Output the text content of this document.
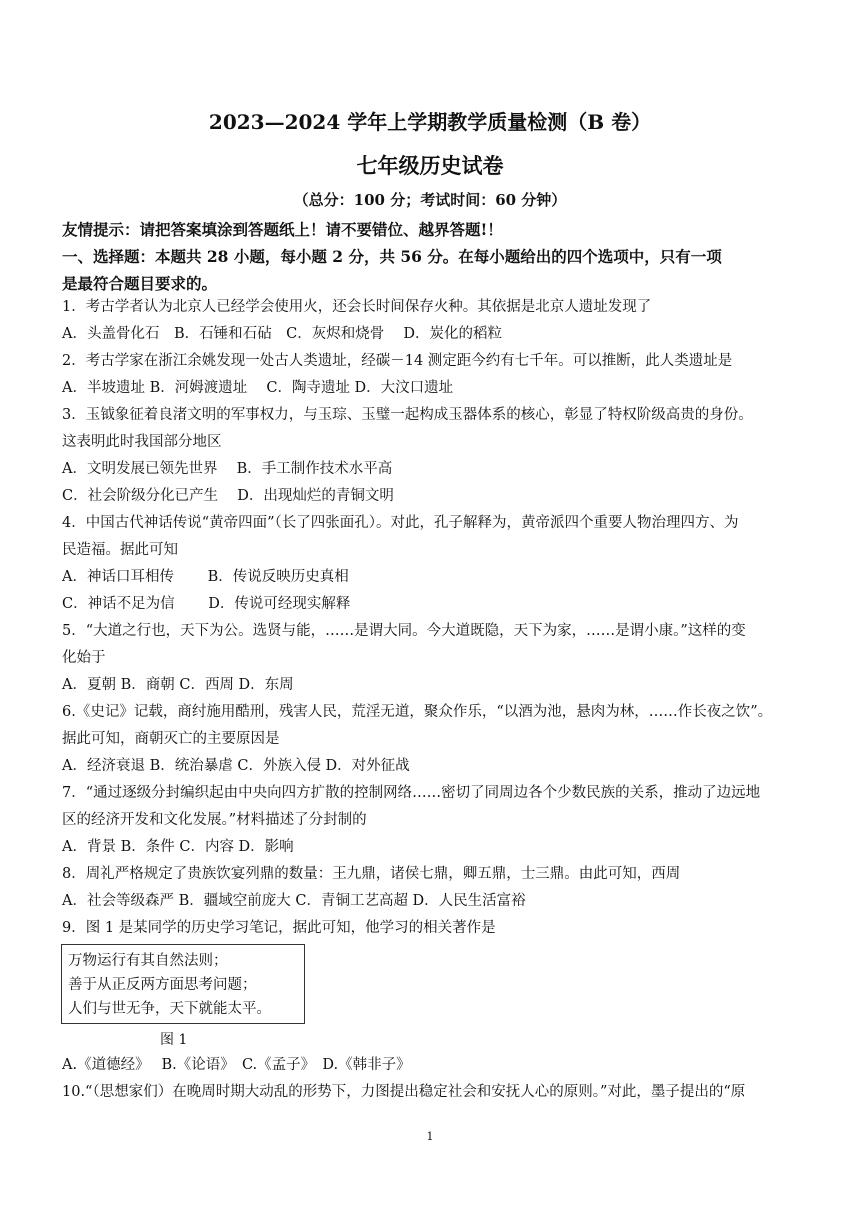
2023—2024 学年上学期教学质量检测（B 卷）
七年级历史试卷
（总分：100 分；考试时间：60 分钟）
友情提示：请把答案填涂到答题纸上！请不要错位、越界答题!！
一、选择题：本题共 28 小题，每小题 2 分，共 56 分。在每小题给出的四个选项中，只有一项
是最符合题目要求的。
1．考古学者认为北京人已经学会使用火，还会长时间保存火种。其依据是北京人遗址发现了
A．头盖骨化石　B．石锤和石砧　C．灰烬和烧骨　 D．炭化的稻粒
2．考古学家在浙江余姚发现一处古人类遗址，经碳－14 测定距今约有七千年。可以推断，此人类遗址是
A．半坡遗址 B．河姆渡遗址　 C．陶寺遗址 D．大汶口遗址
3．玉钺象征着良渚文明的军事权力，与玉琮、玉璧一起构成玉器体系的核心，彰显了特权阶级高贵的身份。
这表明此时我国部分地区
A．文明发展已领先世界　 B．手工制作技术水平高
C．社会阶级分化已产生　 D．出现灿烂的青铜文明
4．中国古代神话传说“黄帝四面”（长了四张面孔）。对此，孔子解释为，黄帝派四个重要人物治理四方、为
民造福。据此可知
A．神话口耳相传　　 B．传说反映历史真相
C．神话不足为信　　 D．传说可经现实解释
5．“大道之行也，天下为公。选贤与能，……是谓大同。今大道既隐，天下为家，……是谓小康。”这样的变
化始于
A．夏朝 B．商朝 C．西周 D．东周
6.《史记》记载，商纣施用酷刑，残害人民，荒淫无道，聚众作乐，“以酒为池，悬肉为林，……作长夜之饮”。
据此可知，商朝灭亡的主要原因是
A．经济衰退 B．统治暴虐 C．外族入侵 D．对外征战
7．“通过逐级分封编织起由中央向四方扩散的控制网络……密切了同周边各个少数民族的关系，推动了边远地
区的经济开发和文化发展。”材料描述了分封制的
A．背景 B．条件 C．内容 D．影响
8．周礼严格规定了贵族饮宴列鼎的数量：王九鼎，诸侯七鼎，卿五鼎，士三鼎。由此可知，西周
A．社会等级森严 B．疆域空前庞大 C．青铜工艺高超 D．人民生活富裕
9．图 1 是某同学的历史学习笔记，据此可知，他学习的相关著作是
万物运行有其自然法则；
善于从正反两方面思考问题；
人们与世无争，天下就能太平。
图 1
A.《道德经》　 B.《论语》　C.《孟子》　D.《韩非子》
10.“（思想家们）在晚周时期大动乱的形势下，力图提出稳定社会和安抚人心的原则。”对此，墨子提出的“原
1
